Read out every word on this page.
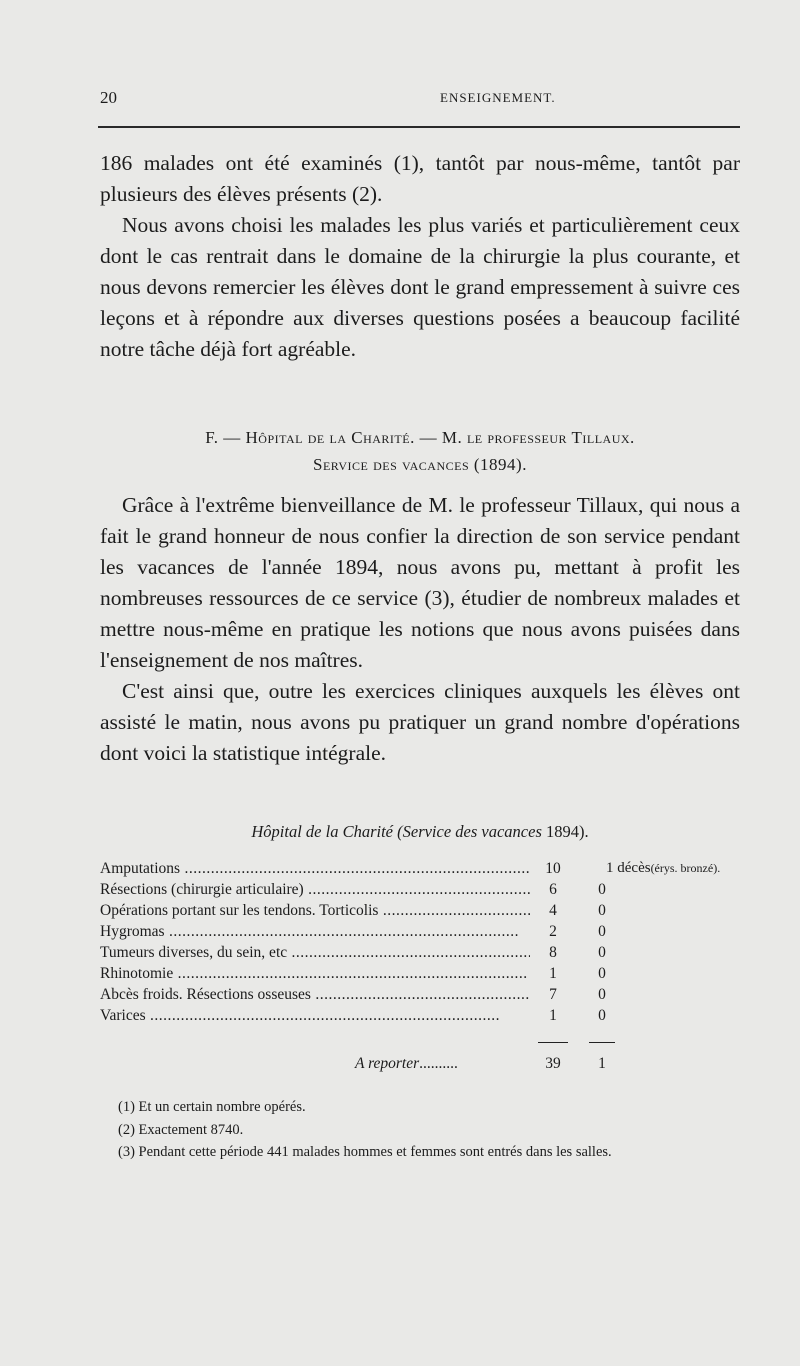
20	ENSEIGNEMENT.

186 malades ont été examinés (1), tantôt par nous-même, tantôt par plusieurs des élèves présents (2).

Nous avons choisi les malades les plus variés et particulièrement ceux dont le cas rentrait dans le domaine de la chirurgie la plus courante, et nous devons remercier les élèves dont le grand empressement à suivre ces leçons et à répondre aux diverses questions posées a beaucoup facilité notre tâche déjà fort agréable.

F. — Hôpital de la Charité. — M. le professeur Tillaux.
Service des vacances (1894).

Grâce à l'extrême bienveillance de M. le professeur Tillaux, qui nous a fait le grand honneur de nous confier la direction de son service pendant les vacances de l'année 1894, nous avons pu, mettant à profit les nombreuses ressources de ce service (3), étudier de nombreux malades et mettre nous-même en pratique les notions que nous avons puisées dans l'enseignement de nos maîtres.

C'est ainsi que, outre les exercices cliniques auxquels les élèves ont assisté le matin, nous avons pu pratiquer un grand nombre d'opérations dont voici la statistique intégrale.

Hôpital de la Charité (Service des vacances 1894).
Amputations .....	10	1 décès(érys. bronzé).
Résections (chirurgie articulaire) .....	6	0
Opérations portant sur les tendons. Torticolis .....	4	0
Hygromas .....	2	0
Tumeurs diverses, du sein, etc .....	8	0
Rhinotomie .....	1	0
Abcès froids. Résections osseuses .....	7	0
Varices .....	1	0
A reporter..........	39	1
(1) Et un certain nombre opérés.
(2) Exactement 8740.
(3) Pendant cette période 441 malades hommes et femmes sont entrés dans les salles.
